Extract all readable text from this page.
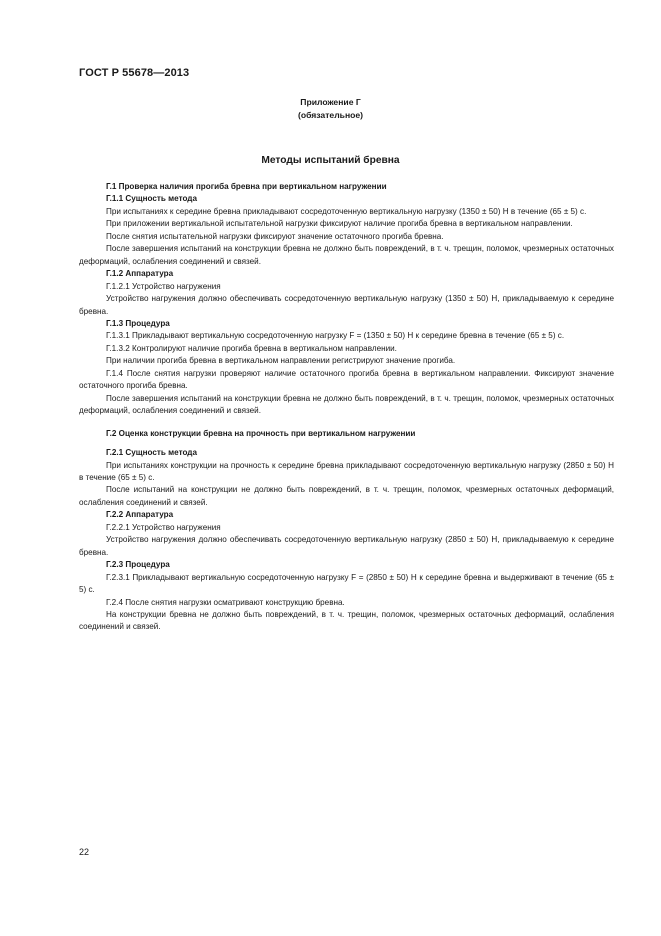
ГОСТ Р 55678—2013
Приложение Г
(обязательное)
Методы испытаний бревна

Г.1 Проверка наличия прогиба бревна при вертикальном нагружении

Г.1.1 Сущность метода

При испытаниях к середине бревна прикладывают сосредоточенную вертикальную нагрузку (1350 ± 50) Н в течение (65 ± 5) с.

При приложении вертикальной испытательной нагрузки фиксируют наличие прогиба бревна в вертикальном направлении.

После снятия испытательной нагрузки фиксируют значение остаточного прогиба бревна.

После завершения испытаний на конструкции бревна не должно быть повреждений, в т. ч. трещин, поломок, чрезмерных остаточных деформаций, ослабления соединений и связей.

Г.1.2 Аппаратура

Г.1.2.1 Устройство нагружения

Устройство нагружения должно обеспечивать сосредоточенную вертикальную нагрузку (1350 ± 50) Н, прикладываемую к середине бревна.

Г.1.3 Процедура

Г.1.3.1 Прикладывают вертикальную сосредоточенную нагрузку F = (1350 ± 50) Н к середине бревна в течение (65 ± 5) с.

Г.1.3.2 Контролируют наличие прогиба бревна в вертикальном направлении.

При наличии прогиба бревна в вертикальном направлении регистрируют значение прогиба.

Г.1.4 После снятия нагрузки проверяют наличие остаточного прогиба бревна в вертикальном направлении. Фиксируют значение остаточного прогиба бревна.

После завершения испытаний на конструкции бревна не должно быть повреждений, в т. ч. трещин, поломок, чрезмерных остаточных деформаций, ослабления соединений и связей.

Г.2 Оценка конструкции бревна на прочность при вертикальном нагружении

Г.2.1 Сущность метода

При испытаниях конструкции на прочность к середине бревна прикладывают сосредоточенную вертикальную нагрузку (2850 ± 50) Н в течение (65 ± 5) с.

После испытаний на конструкции не должно быть повреждений, в т. ч. трещин, поломок, чрезмерных остаточных деформаций, ослабления соединений и связей.

Г.2.2 Аппаратура

Г.2.2.1 Устройство нагружения

Устройство нагружения должно обеспечивать сосредоточенную вертикальную нагрузку (2850 ± 50) Н, прикладываемую к середине бревна.

Г.2.3 Процедура

Г.2.3.1 Прикладывают вертикальную сосредоточенную нагрузку F = (2850 ± 50) Н к середине бревна и выдерживают в течение (65 ± 5) с.

Г.2.4 После снятия нагрузки осматривают конструкцию бревна.

На конструкции бревна не должно быть повреждений, в т. ч. трещин, поломок, чрезмерных остаточных деформаций, ослабления соединений и связей.

22
